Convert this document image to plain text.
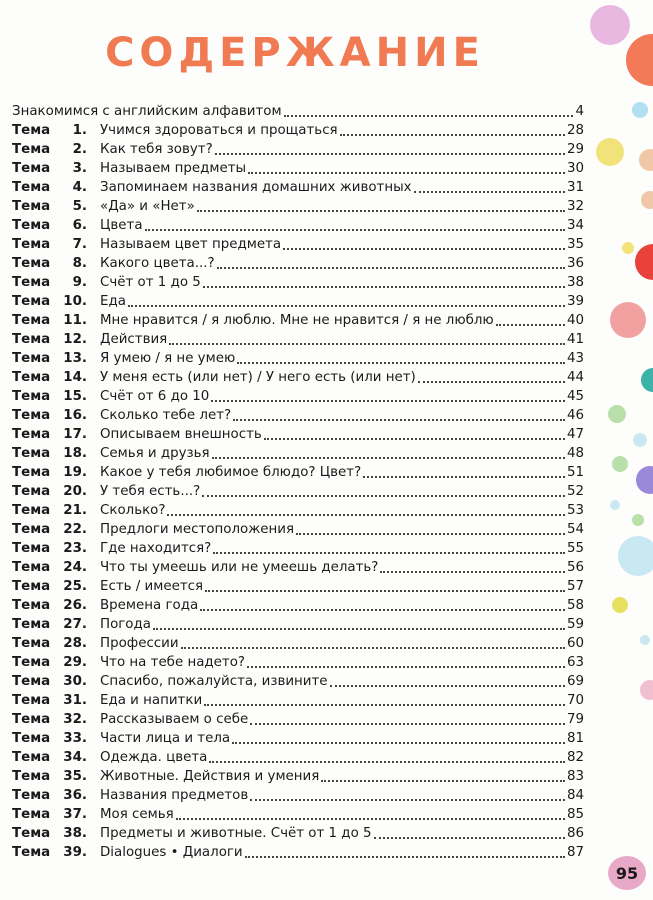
СОДЕРЖАНИЕ
Знакомимся с английским алфавитом	4
Тема	1. Учимся здороваться и прощаться	28
Тема	2. Как тебя зовут?	29
Тема	3. Называем предметы	30
Тема	4. Запоминаем названия домашних животных	31
Тема	5. «Да» и «Нет»	32
Тема	6. Цвета	34
Тема	7. Называем цвет предмета	35
Тема	8. Какого цвета...?	36
Тема	9. Счёт от 1 до 5	38
Тема 10. Еда	39
Тема 11. Мне нравится / я люблю. Мне не нравится / я не люблю	40
Тема 12. Действия	41
Тема 13. Я умею / я не умею	43
Тема 14. У меня есть (или нет) / У него есть (или нет)	44
Тема 15. Счёт от 6 до 10	45
Тема 16. Сколько тебе лет?	46
Тема 17. Описываем внешность	47
Тема 18. Семья и друзья	48
Тема 19. Какое у тебя любимое блюдо? Цвет?	51
Тема 20. У тебя есть...?	52
Тема 21. Сколько?	53
Тема 22. Предлоги местоположения	54
Тема 23. Где находится?	55
Тема 24. Что ты умеешь или не умеешь делать?	56
Тема 25. Есть / имеется	57
Тема 26. Времена года	58
Тема 27. Погода	59
Тема 28. Профессии	60
Тема 29. Что на тебе надето?	63
Тема 30. Спасибо, пожалуйста, извините	69
Тема 31. Еда и напитки	70
Тема 32. Рассказываем о себе	79
Тема 33. Части лица и тела	81
Тема 34. Одежда. цвета	82
Тема 35. Животные. Действия и умения	83
Тема 36. Названия предметов	84
Тема 37. Моя семья	85
Тема 38. Предметы и животные. Счёт от 1 до 5	86
Тема 39. Dialogues • Диалоги	87
95
